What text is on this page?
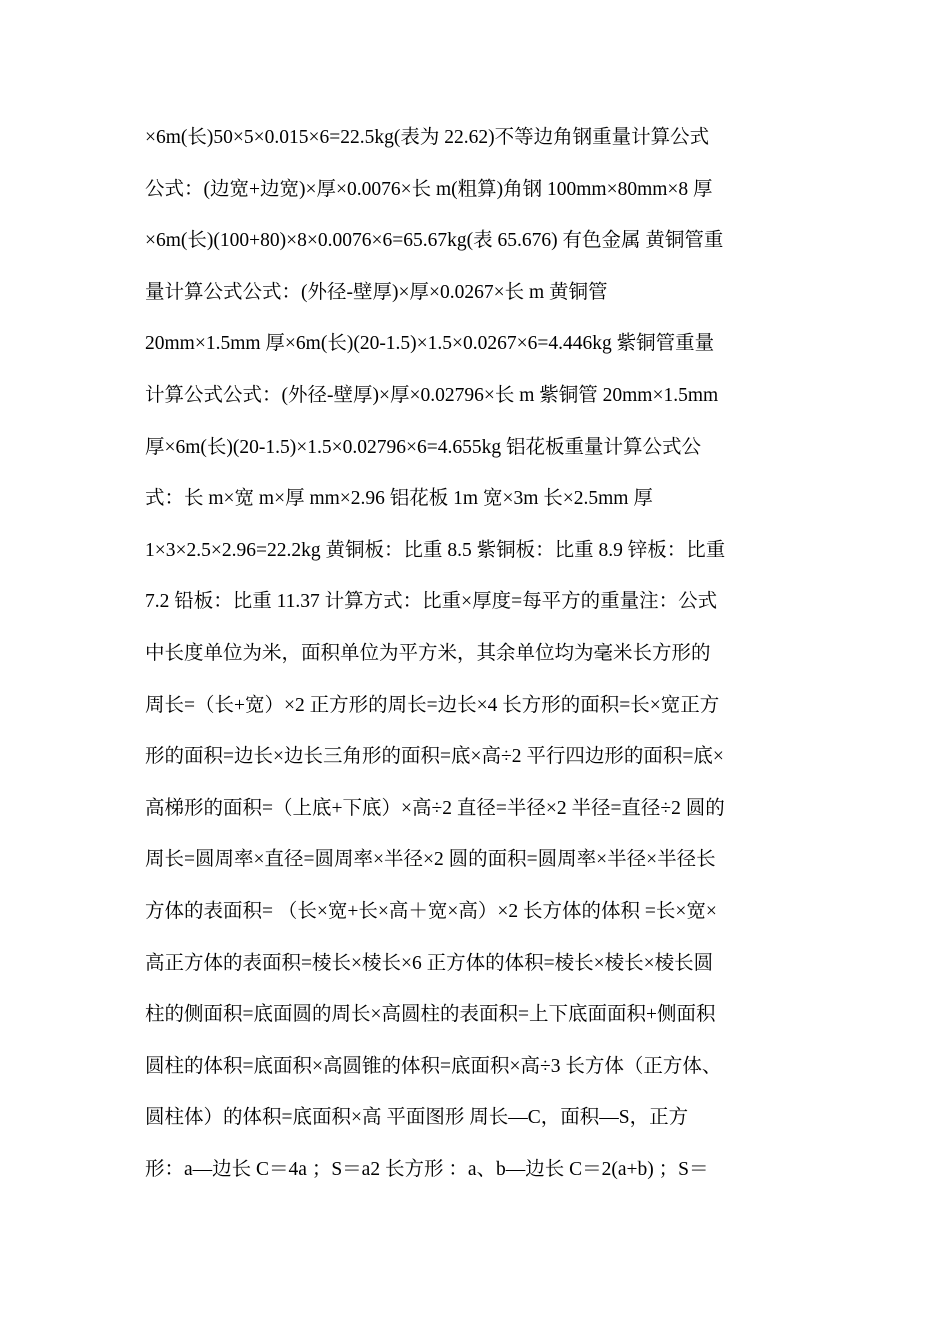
×6m(长)50×5×0.015×6=22.5kg(表为 22.62)不等边角钢重量计算公式
公式：(边宽+边宽)×厚×0.0076×长 m(粗算)角钢 100mm×80mm×8 厚
×6m(长)(100+80)×8×0.0076×6=65.67kg(表 65.676) 有色金属 黄铜管重
量计算公式公式：(外径-壁厚)×厚×0.0267×长 m 黄铜管
20mm×1.5mm 厚×6m(长)(20-1.5)×1.5×0.0267×6=4.446kg 紫铜管重量
计算公式公式：(外径-壁厚)×厚×0.02796×长 m 紫铜管 20mm×1.5mm
厚×6m(长)(20-1.5)×1.5×0.02796×6=4.655kg 铝花板重量计算公式公
式：长 m×宽 m×厚 mm×2.96 铝花板 1m 宽×3m 长×2.5mm 厚
1×3×2.5×2.96=22.2kg 黄铜板：比重 8.5 紫铜板：比重 8.9 锌板：比重
7.2 铅板：比重 11.37 计算方式：比重×厚度=每平方的重量注：公式
中长度单位为米，面积单位为平方米，其余单位均为毫米长方形的
周长=（长+宽）×2 正方形的周长=边长×4 长方形的面积=长×宽正方
形的面积=边长×边长三角形的面积=底×高÷2 平行四边形的面积=底×
高梯形的面积=（上底+下底）×高÷2 直径=半径×2 半径=直径÷2 圆的
周长=圆周率×直径=圆周率×半径×2 圆的面积=圆周率×半径×半径长
方体的表面积= （长×宽+长×高＋宽×高）×2 长方体的体积 =长×宽×
高正方体的表面积=棱长×棱长×6 正方体的体积=棱长×棱长×棱长圆
柱的侧面积=底面圆的周长×高圆柱的表面积=上下底面面积+侧面积
圆柱的体积=底面积×高圆锥的体积=底面积×高÷3 长方体（正方体、
圆柱体）的体积=底面积×高 平面图形 周长—C，面积—S，正方
形：a—边长 C＝4a ；S＝a2 长方形 ：a、b—边长 C＝2(a+b) ；S＝
